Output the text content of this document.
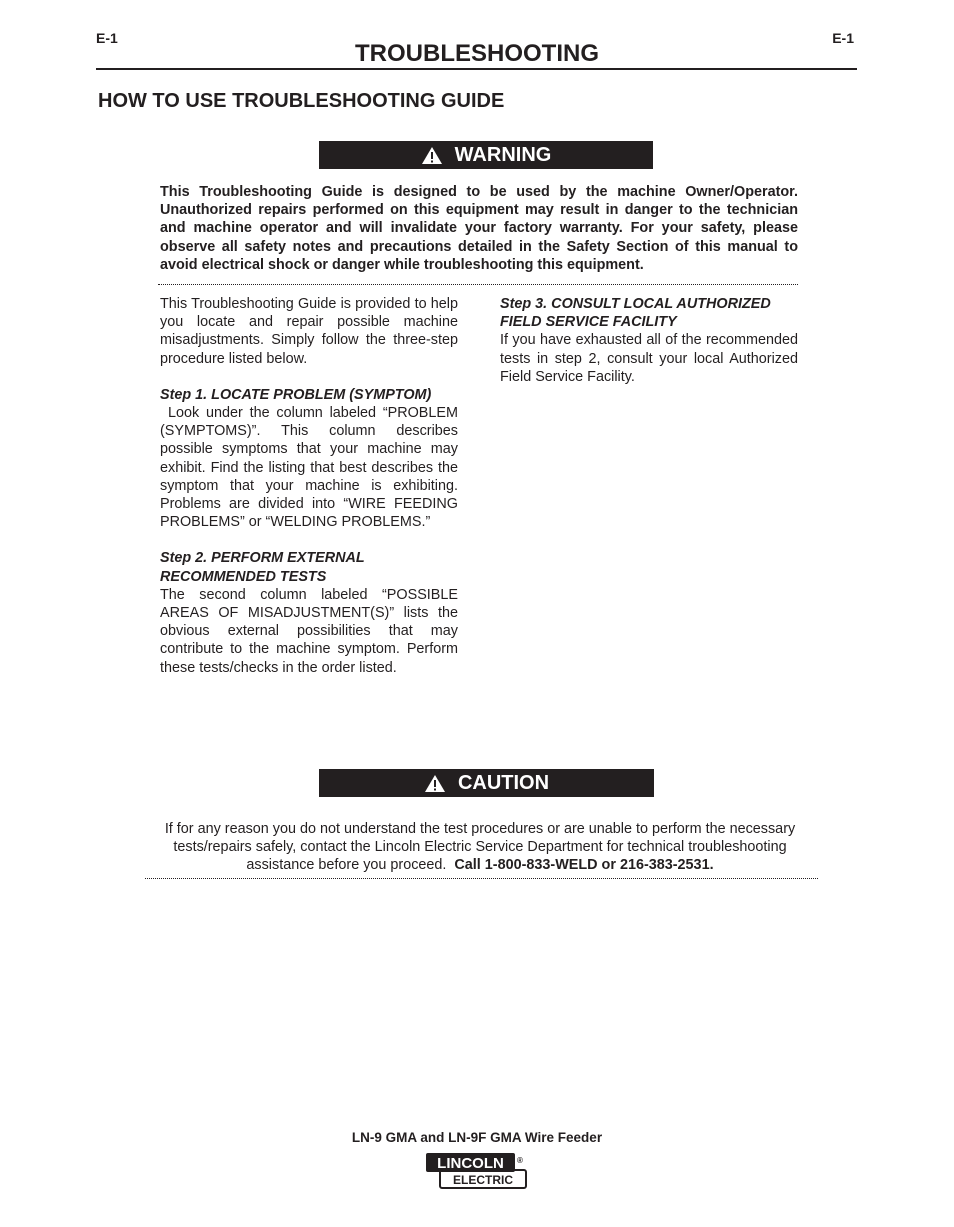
E-1	E-1
TROUBLESHOOTING
HOW TO USE TROUBLESHOOTING GUIDE
WARNING
This Troubleshooting Guide is designed to be used by the machine Owner/Operator. Unauthorized repairs performed on this equipment may result in danger to the technician and machine operator and will invalidate your factory warranty. For your safety, please observe all safety notes and precautions detailed in the Safety Section of this manual to avoid electrical shock or danger while troubleshooting this equipment.

This Troubleshooting Guide is provided to help you locate and repair possible machine misadjustments. Simply follow the three-step procedure listed below.

Step 1. LOCATE PROBLEM (SYMPTOM)

Look under the column labeled “PROBLEM (SYMPTOMS)”. This column describes possible symptoms that your machine may exhibit. Find the listing that best describes the symptom that your machine is exhibiting. Problems are divided into “WIRE FEEDING PROBLEMS” or “WELDING PROBLEMS.”

Step 2. PERFORM EXTERNAL

RECOMMENDED TESTS

The second column labeled “POSSIBLE AREAS OF MISADJUSTMENT(S)” lists the obvious external possibilities that may contribute to the machine symptom. Perform these tests/checks in the order listed.

Step 3. CONSULT LOCAL AUTHORIZED

FIELD SERVICE FACILITY

If you have exhausted all of the recommended tests in step 2, consult your local Authorized Field Service Facility.

CAUTION
If for any reason you do not understand the test procedures or are unable to perform the necessary tests/repairs safely, contact the Lincoln Electric Service Department for technical troubleshooting assistance before you proceed. Call 1-800-833-WELD or 216-383-2531.
LN-9 GMA and LN-9F GMA Wire Feeder
LINCOLN ®
ELECTRIC
